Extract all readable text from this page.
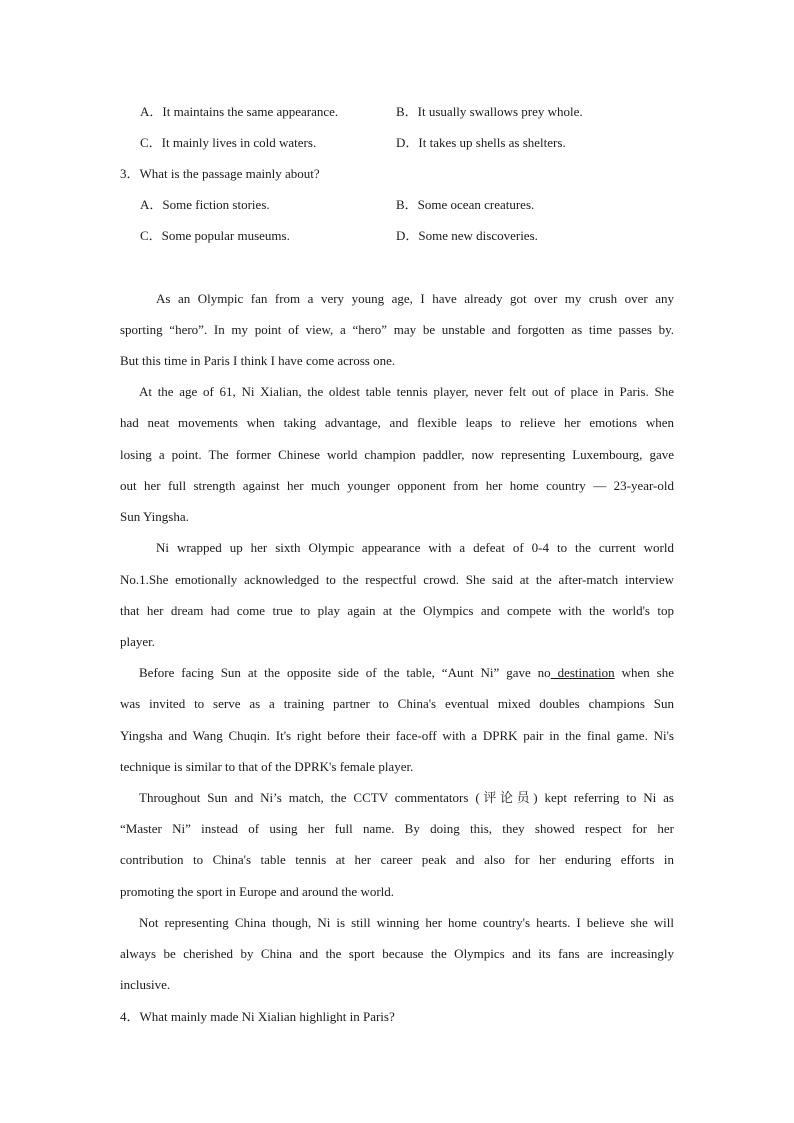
A．It maintains the same appearance.	B．It usually swallows prey whole.
C．It mainly lives in cold waters.	D．It takes up shells as shelters.
3．What is the passage mainly about?
A．Some fiction stories.	B．Some ocean creatures.
C．Some popular museums.	D．Some new discoveries.
As an Olympic fan from a very young age, I have already got over my crush over any
sporting “hero”. In my point of view, a “hero” may be unstable and forgotten as time passes by.
But this time in Paris I think I have come across one.
At the age of 61, Ni Xialian, the oldest table tennis player, never felt out of place in Paris. She
had neat movements when taking advantage, and flexible leaps to relieve her emotions when
losing a point. The former Chinese world champion paddler, now representing Luxembourg, gave
out her full strength against her much younger opponent from her home country — 23-year-old
Sun Yingsha.
Ni wrapped up her sixth Olympic appearance with a defeat of 0-4 to the current world
No.1.She emotionally acknowledged to the respectful crowd. She said at the after-match interview
that her dream had come true to play again at the Olympics and compete with the world's top
player.
Before facing Sun at the opposite side of the table, “Aunt Ni” gave no destination when she
was invited to serve as a training partner to China's eventual mixed doubles champions Sun
Yingsha and Wang Chuqin. It's right before their face-off with a DPRK pair in the final game. Ni's
technique is similar to that of the DPRK's female player.
Throughout Sun and Ni’s match, the CCTV commentators (评论员) kept referring to Ni as
“Master Ni” instead of using her full name. By doing this, they showed respect for her
contribution to China's table tennis at her career peak and also for her enduring efforts in
promoting the sport in Europe and around the world.
Not representing China though, Ni is still winning her home country's hearts. I believe she will
always be cherished by China and the sport because the Olympics and its fans are increasingly
inclusive.
4．What mainly made Ni Xialian highlight in Paris?
